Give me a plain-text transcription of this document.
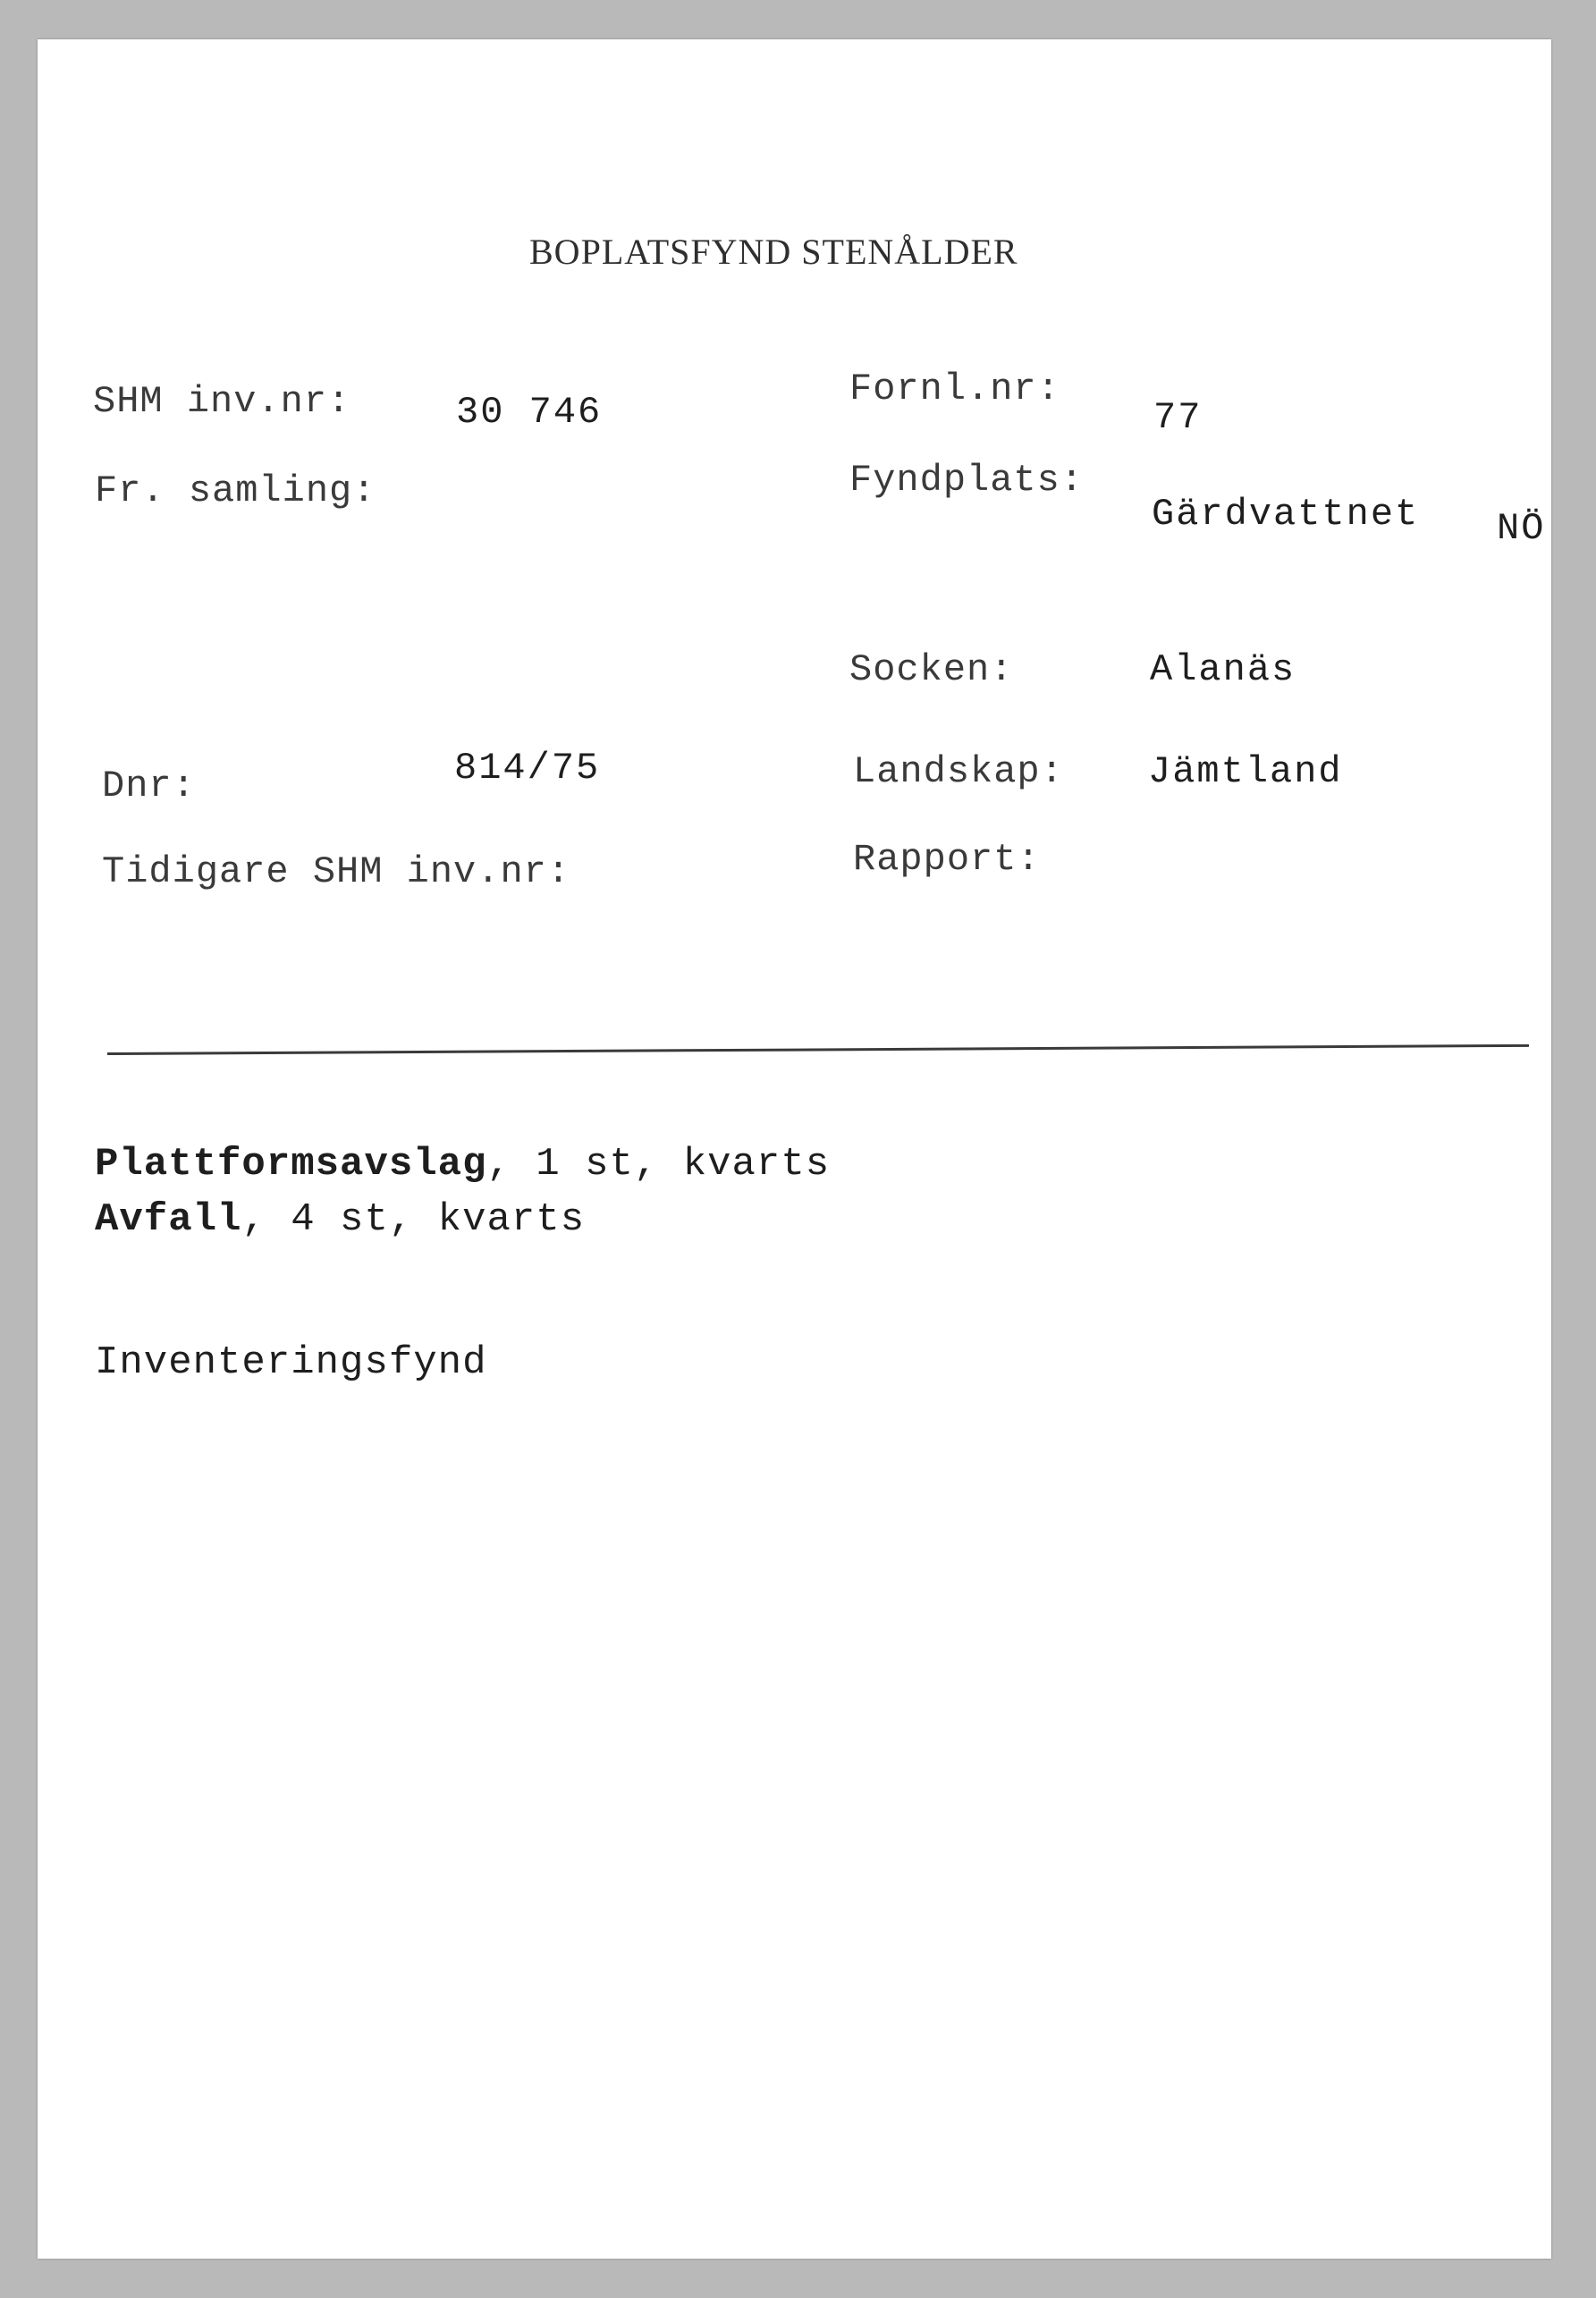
BOPLATSFYND STENÅLDER
SHM inv.nr:	30 746
Fr. samling:
Dnr:	814/75
Tidigare SHM inv.nr:
Fornl.nr:
77
Fyndplats:
Gärdvattnet NÖ
Socken:	Alanäs
Landskap: Jämtland
Rapport:
Plattformsavslag, 1 st, kvarts
Avfall, 4 st, kvarts
Inventeringsfynd
